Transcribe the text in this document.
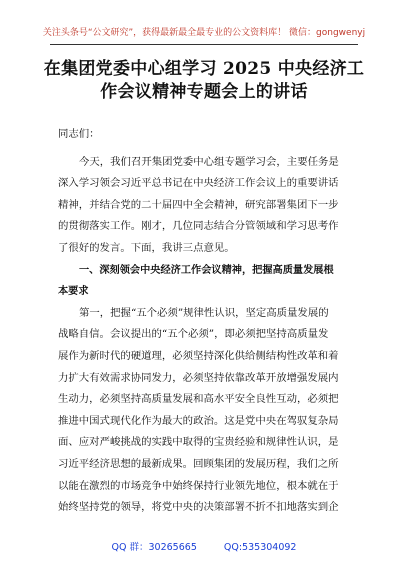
关注头条号“公文研究”，获得最新最全最专业的公文资料库！ 微信：gongwenyj
在集团党委中心组学习 2025 中央经济工
作会议精神专题会上的讲话
同志们：
今天，我们召开集团党委中心组专题学习会，主要任务是
深入学习领会习近平总书记在中央经济工作会议上的重要讲话
精神，并结合党的二十届四中全会精神，研究部署集团下一步
的贯彻落实工作。刚才，几位同志结合分管领域和学习思考作
了很好的发言。下面，我讲三点意见。
一、深刻领会中央经济工作会议精神，把握高质量发展根
本要求
第一，把握“五个必须”规律性认识，坚定高质量发展的
战略自信。会议提出的“五个必须”，即必须把坚持高质量发
展作为新时代的硬道理，必须坚持深化供给侧结构性改革和着
力扩大有效需求协同发力，必须坚持依靠改革开放增强发展内
生动力，必须坚持高质量发展和高水平安全良性互动，必须把
推进中国式现代化作为最大的政治。这是党中央在驾驭复杂局
面、应对严峻挑战的实践中取得的宝贵经验和规律性认识，是
习近平经济思想的最新成果。回顾集团的发展历程，我们之所
以能在激烈的市场竞争中始终保持行业领先地位，根本就在于
始终坚持党的领导，将党中央的决策部署不折不扣地落实到企
QQ 群：30265665	QQ:535304092
